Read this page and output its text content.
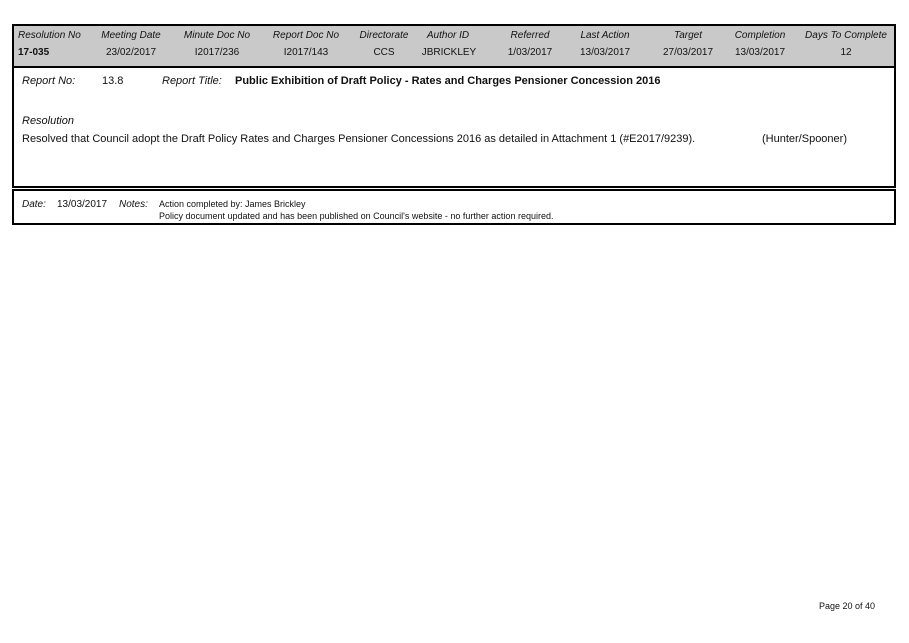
Resolution No	Meeting Date	Minute Doc No	Report Doc No	Directorate	Author ID	Referred	Last Action	Target	Completion	Days To Complete
17-035	23/02/2017	I2017/236	I2017/143	CCS	JBRICKLEY	1/03/2017	13/03/2017	27/03/2017	13/03/2017	12
Report No: 13.8	Report Title: Public Exhibition of Draft Policy - Rates and Charges Pensioner Concession 2016
Resolution
Resolved that Council adopt the Draft Policy Rates and Charges Pensioner Concessions 2016 as detailed in Attachment 1 (#E2017/9239).	(Hunter/Spooner)
Date: 13/03/2017 Notes: Action completed by: James Brickley
Policy document updated and has been published on Council's website - no further action required.
Page 20 of 40
